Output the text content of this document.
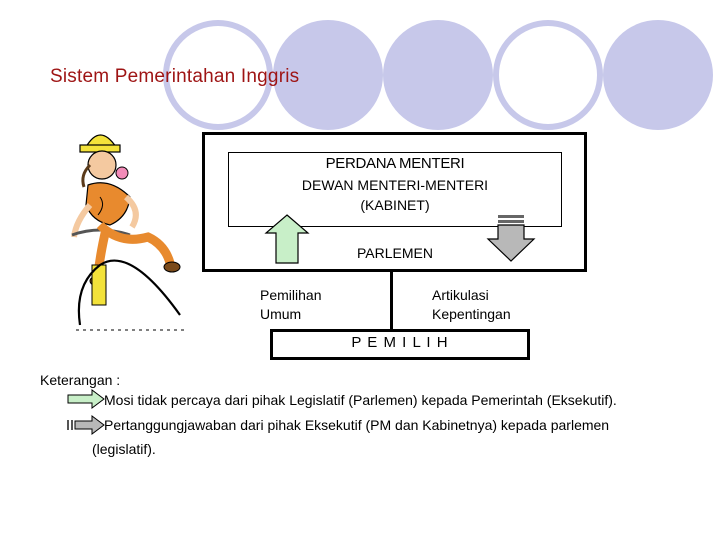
Sistem Pemerintahan Inggris
PERDANA MENTERI
DEWAN MENTERI-MENTERI
(KABINET)
PARLEMEN
Pemilihan
Umum
Artikulasi
Kepentingan
P E M I L I H
Keterangan :
Mosi tidak percaya dari pihak Legislatif (Parlemen) kepada Pemerintah (Eksekutif).
Pertanggungjawaban dari pihak Eksekutif (PM dan Kabinetnya) kepada parlemen
(legislatif).
